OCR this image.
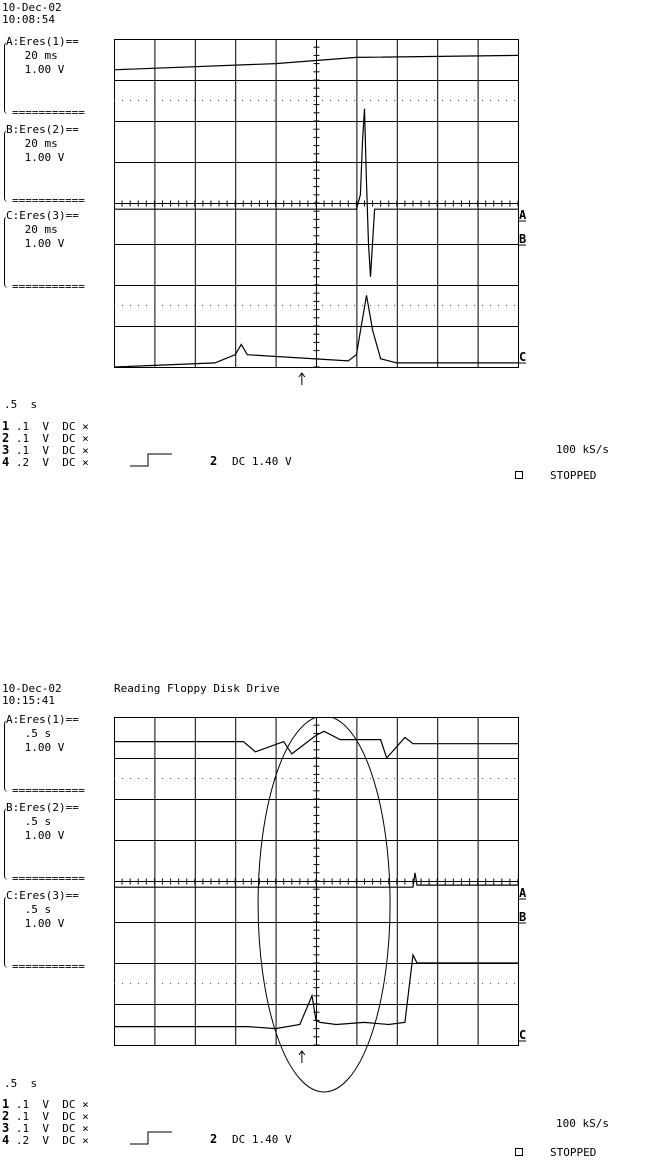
10-Dec-02
10:08:54
A:Eres(1)==
20 ms
1.00 V
===========
B:Eres(2)==
20 ms
1.00 V
===========
C:Eres(3)==
20 ms
1.00 V
===========
A
B
C
.5  s
1 .1  V  DC ×
2 .1  V  DC ×
3 .1  V  DC ×
4 .2  V  DC ×	2 DC 1.40 V
100 kS/s
STOPPED
10-Dec-02
10:15:41
Reading Floppy Disk Drive
A:Eres(1)==
.5 s
1.00 V
===========
B:Eres(2)==
.5 s
1.00 V
===========
C:Eres(3)==
.5 s
1.00 V
===========
A
B
C
.5  s
1 .1  V  DC ×
2 .1  V  DC ×
3 .1  V  DC ×
4 .2  V  DC ×	2 DC 1.40 V
100 kS/s
STOPPED
